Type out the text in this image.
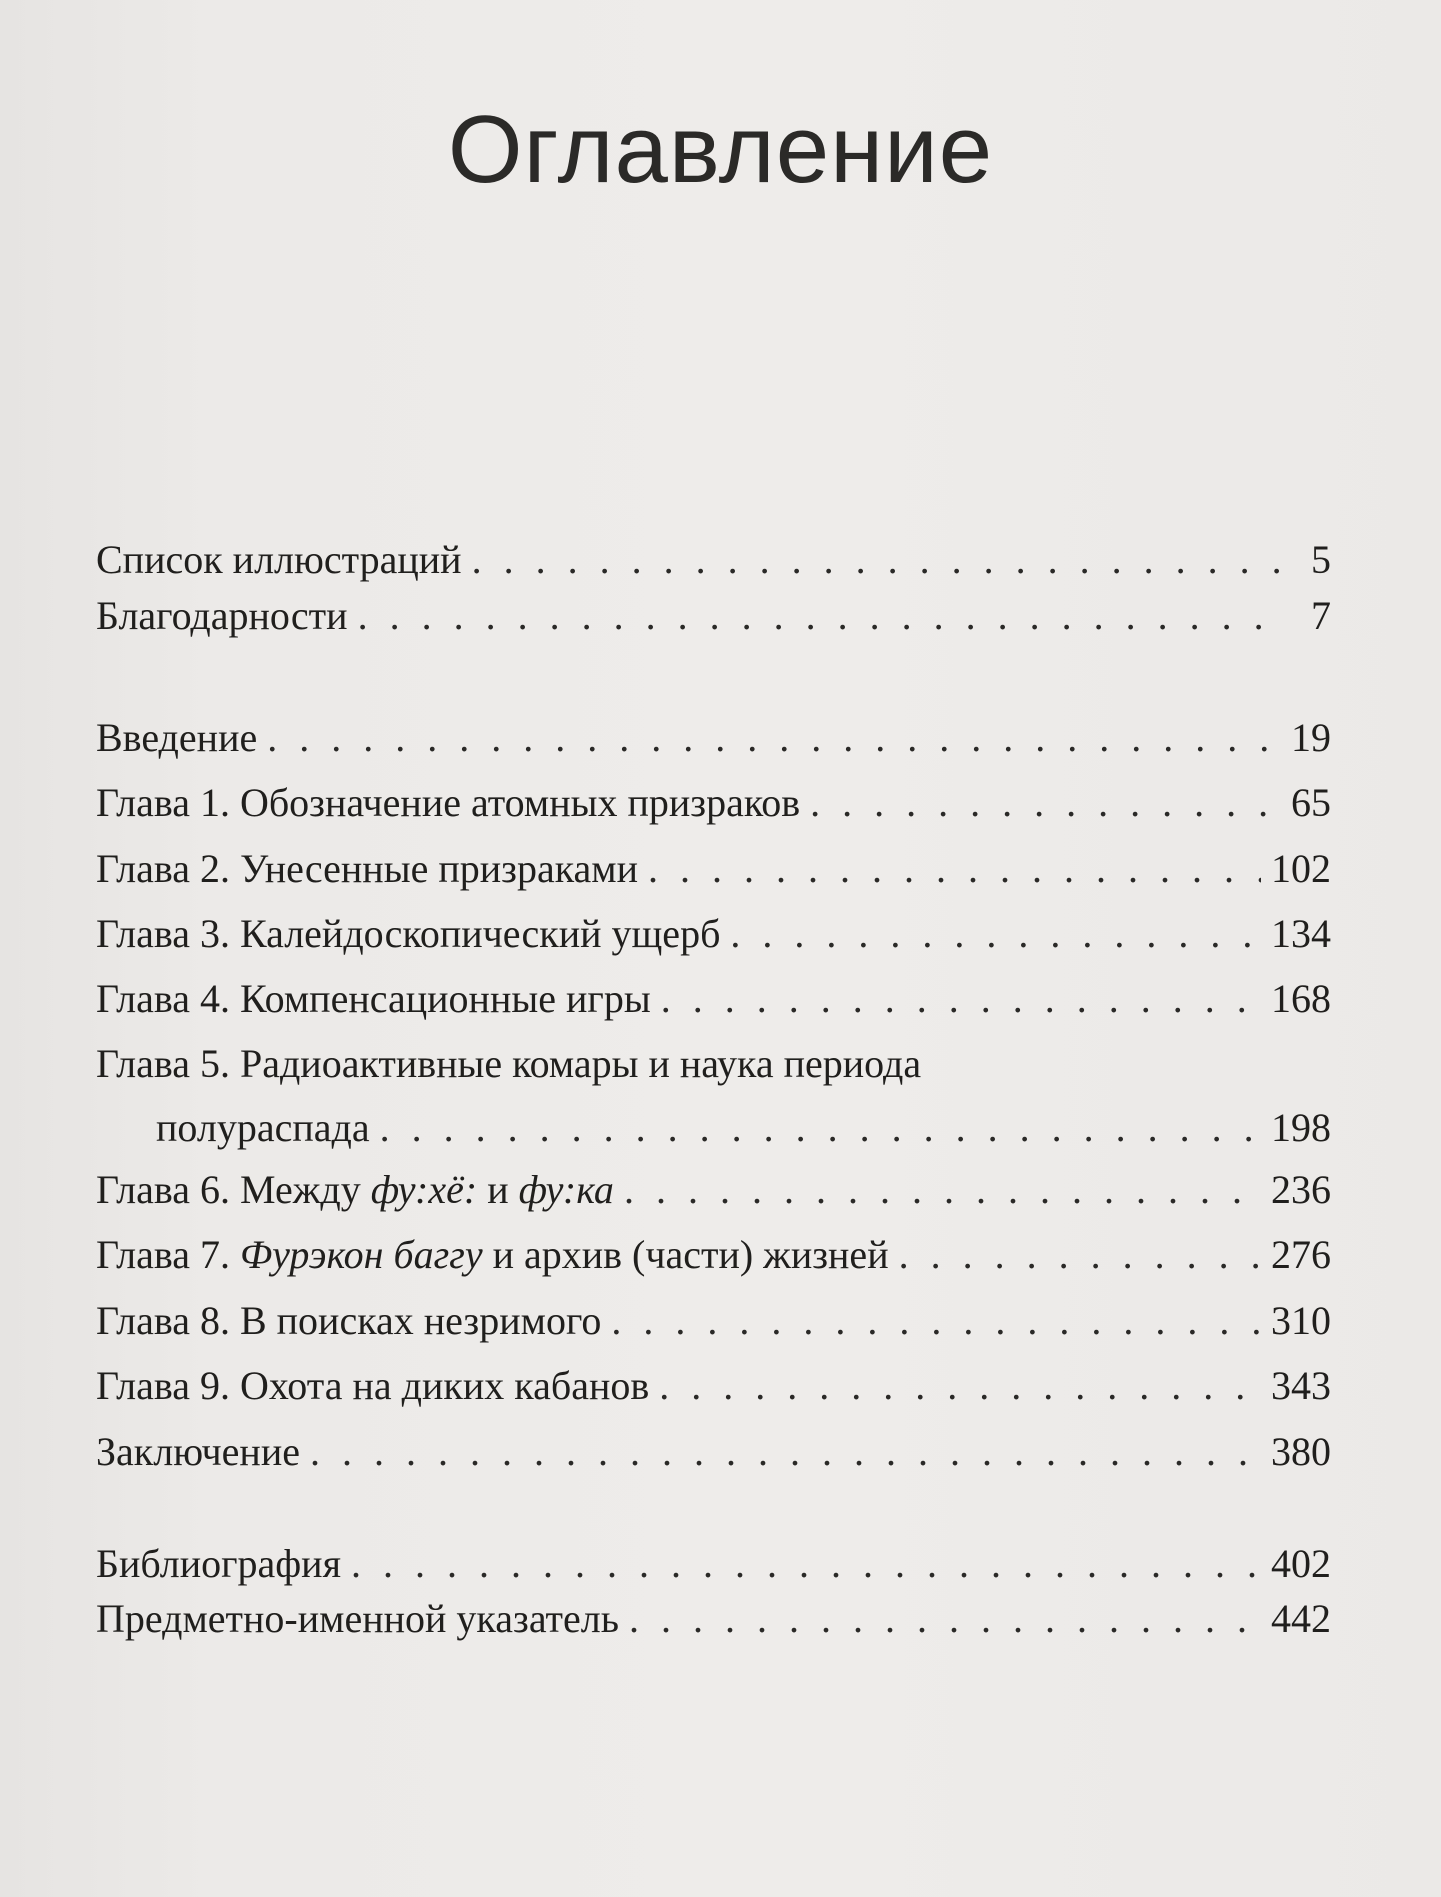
Оглавление
Список иллюстраций . . .	5
Благодарности . . .	7
Введение . . .	19
Глава 1. Обозначение атомных призраков . . .	65
Глава 2. Унесенные призраками . . .	102
Глава 3. Калейдоскопический ущерб . . .	134
Глава 4. Компенсационные игры . . .	168
Глава 5. Радиоактивные комары и наука периода
полураспада . . .	198
Глава 6. Между фу:хё: и фу:ка . . .	236
Глава 7. Фурэкон баггу и архив (части) жизней . . .	276
Глава 8. В поисках незримого . . .	310
Глава 9. Охота на диких кабанов . . .	343
Заключение . . .	380
Библиография . . .	402
Предметно-именной указатель . . .	442
